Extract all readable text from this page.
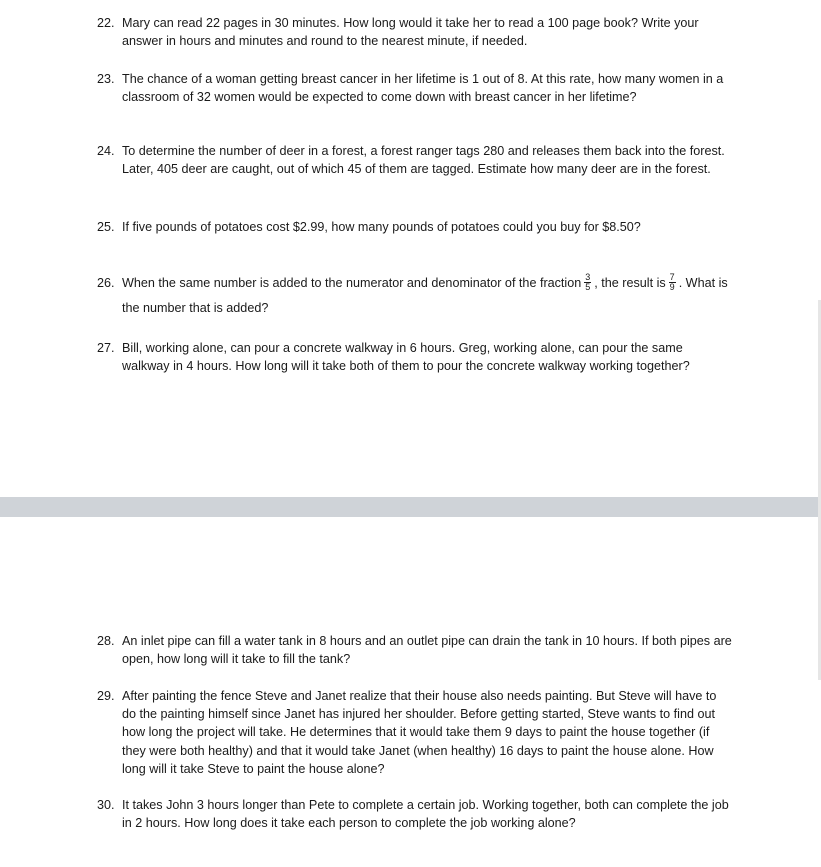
22. Mary can read 22 pages in 30 minutes. How long would it take her to read a 100 page book? Write your answer in hours and minutes and round to the nearest minute, if needed.
23. The chance of a woman getting breast cancer in her lifetime is 1 out of 8. At this rate, how many women in a classroom of 32 women would be expected to come down with breast cancer in her lifetime?
24. To determine the number of deer in a forest, a forest ranger tags 280 and releases them back into the forest. Later, 405 deer are caught, out of which 45 of them are tagged. Estimate how many deer are in the forest.
25. If five pounds of potatoes cost $2.99, how many pounds of potatoes could you buy for $8.50?
26. When the same number is added to the numerator and denominator of the fraction $\frac{3}{5}$ , the result is $\frac{7}{9}$ . What is the number that is added?
27. Bill, working alone, can pour a concrete walkway in 6 hours. Greg, working alone, can pour the same walkway in 4 hours. How long will it take both of them to pour the concrete walkway working together?
28. An inlet pipe can fill a water tank in 8 hours and an outlet pipe can drain the tank in 10 hours. If both pipes are open, how long will it take to fill the tank?
29. After painting the fence Steve and Janet realize that their house also needs painting. But Steve will have to do the painting himself since Janet has injured her shoulder. Before getting started, Steve wants to find out how long the project will take. He determines that it would take them 9 days to paint the house together (if they were both healthy) and that it would take Janet (when healthy) 16 days to paint the house alone. How long will it take Steve to paint the house alone?
30. It takes John 3 hours longer than Pete to complete a certain job. Working together, both can complete the job in 2 hours. How long does it take each person to complete the job working alone?
